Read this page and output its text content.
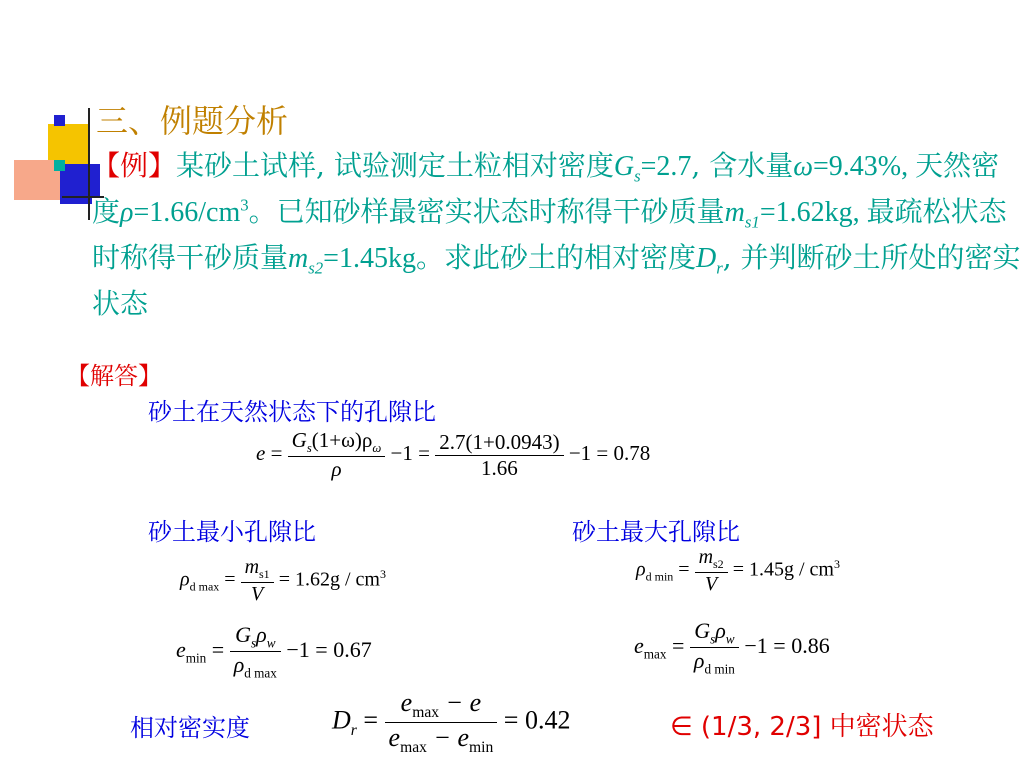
三、例题分析
【例】某砂土试样, 试验测定土粒相对密度$G_s=2.7$, 含水量ω=9.43%, 天然密度$\rho=1.66/cm^3$。已知砂样最密实状态时称得干砂质量$m_{s1}=1.62kg$, 最疏松状态时称得干砂质量$m_{s2}=1.45kg$。求此砂土的相对密度$D_r$, 并判断砂土所处的密实状态
【解答】
砂土在天然状态下的孔隙比
$e = \frac{G_s(1+\omega)\rho_\omega}{\rho} -1 = \frac{2.7(1+0.0943)}{1.66} -1 = 0.78$
砂土最小孔隙比	砂土最大孔隙比
$\rho_{d max} = \frac{m_{s1}}{V} = 1.62g / cm^3$	$\rho_{d min} = \frac{m_{s2}}{V} = 1.45g / cm^3$
$e_{min} = \frac{G_s\rho_w}{\rho_{d max}} -1 = 0.67$	$e_{max} = \frac{G_s\rho_w}{\rho_{d min}} -1 = 0.86$
相对密实度	$D_r = \frac{e_{max} - e}{e_{max} - e_{min}} = 0.42$	∈ (1/3, 2/3] 中密状态
